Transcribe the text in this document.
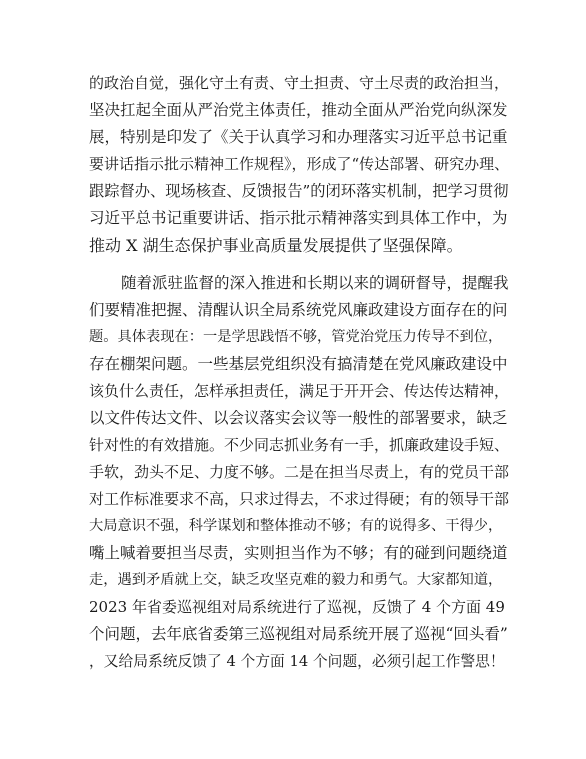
的政治自觉，强化守土有责、守土担责、守土尽责的政治担当，
坚决扛起全面从严治党主体责任，推动全面从严治党向纵深发
展，特别是印发了《关于认真学习和办理落实习近平总书记重
要讲话指示批示精神工作规程》，形成了“传达部署、研究办理、
跟踪督办、现场核查、反馈报告”的闭环落实机制，把学习贯彻
习近平总书记重要讲话、指示批示精神落实到具体工作中，为
推动 X 湖生态保护事业高质量发展提供了坚强保障。
随着派驻监督的深入推进和长期以来的调研督导，提醒我
们要精准把握、清醒认识全局系统党风廉政建设方面存在的问
题。具体表现在：一是学思践悟不够，管党治党压力传导不到位，
存在棚架问题。一些基层党组织没有搞清楚在党风廉政建设中
该负什么责任，怎样承担责任，满足于开开会、传达传达精神，
以文件传达文件、以会议落实会议等一般性的部署要求，缺乏
针对性的有效措施。不少同志抓业务有一手，抓廉政建设手短、
手软，劲头不足、力度不够。二是在担当尽责上，有的党员干部
对工作标准要求不高，只求过得去，不求过得硬；有的领导干部
大局意识不强，科学谋划和整体推动不够；有的说得多、干得少，
嘴上喊着要担当尽责，实则担当作为不够；有的碰到问题绕道
走，遇到矛盾就上交，缺乏攻坚克难的毅力和勇气。大家都知道，
2023 年省委巡视组对局系统进行了巡视，反馈了 4 个方面 49
个问题，去年底省委第三巡视组对局系统开展了巡视“回头看”
，又给局系统反馈了 4 个方面 14 个问题，必须引起工作警思！
